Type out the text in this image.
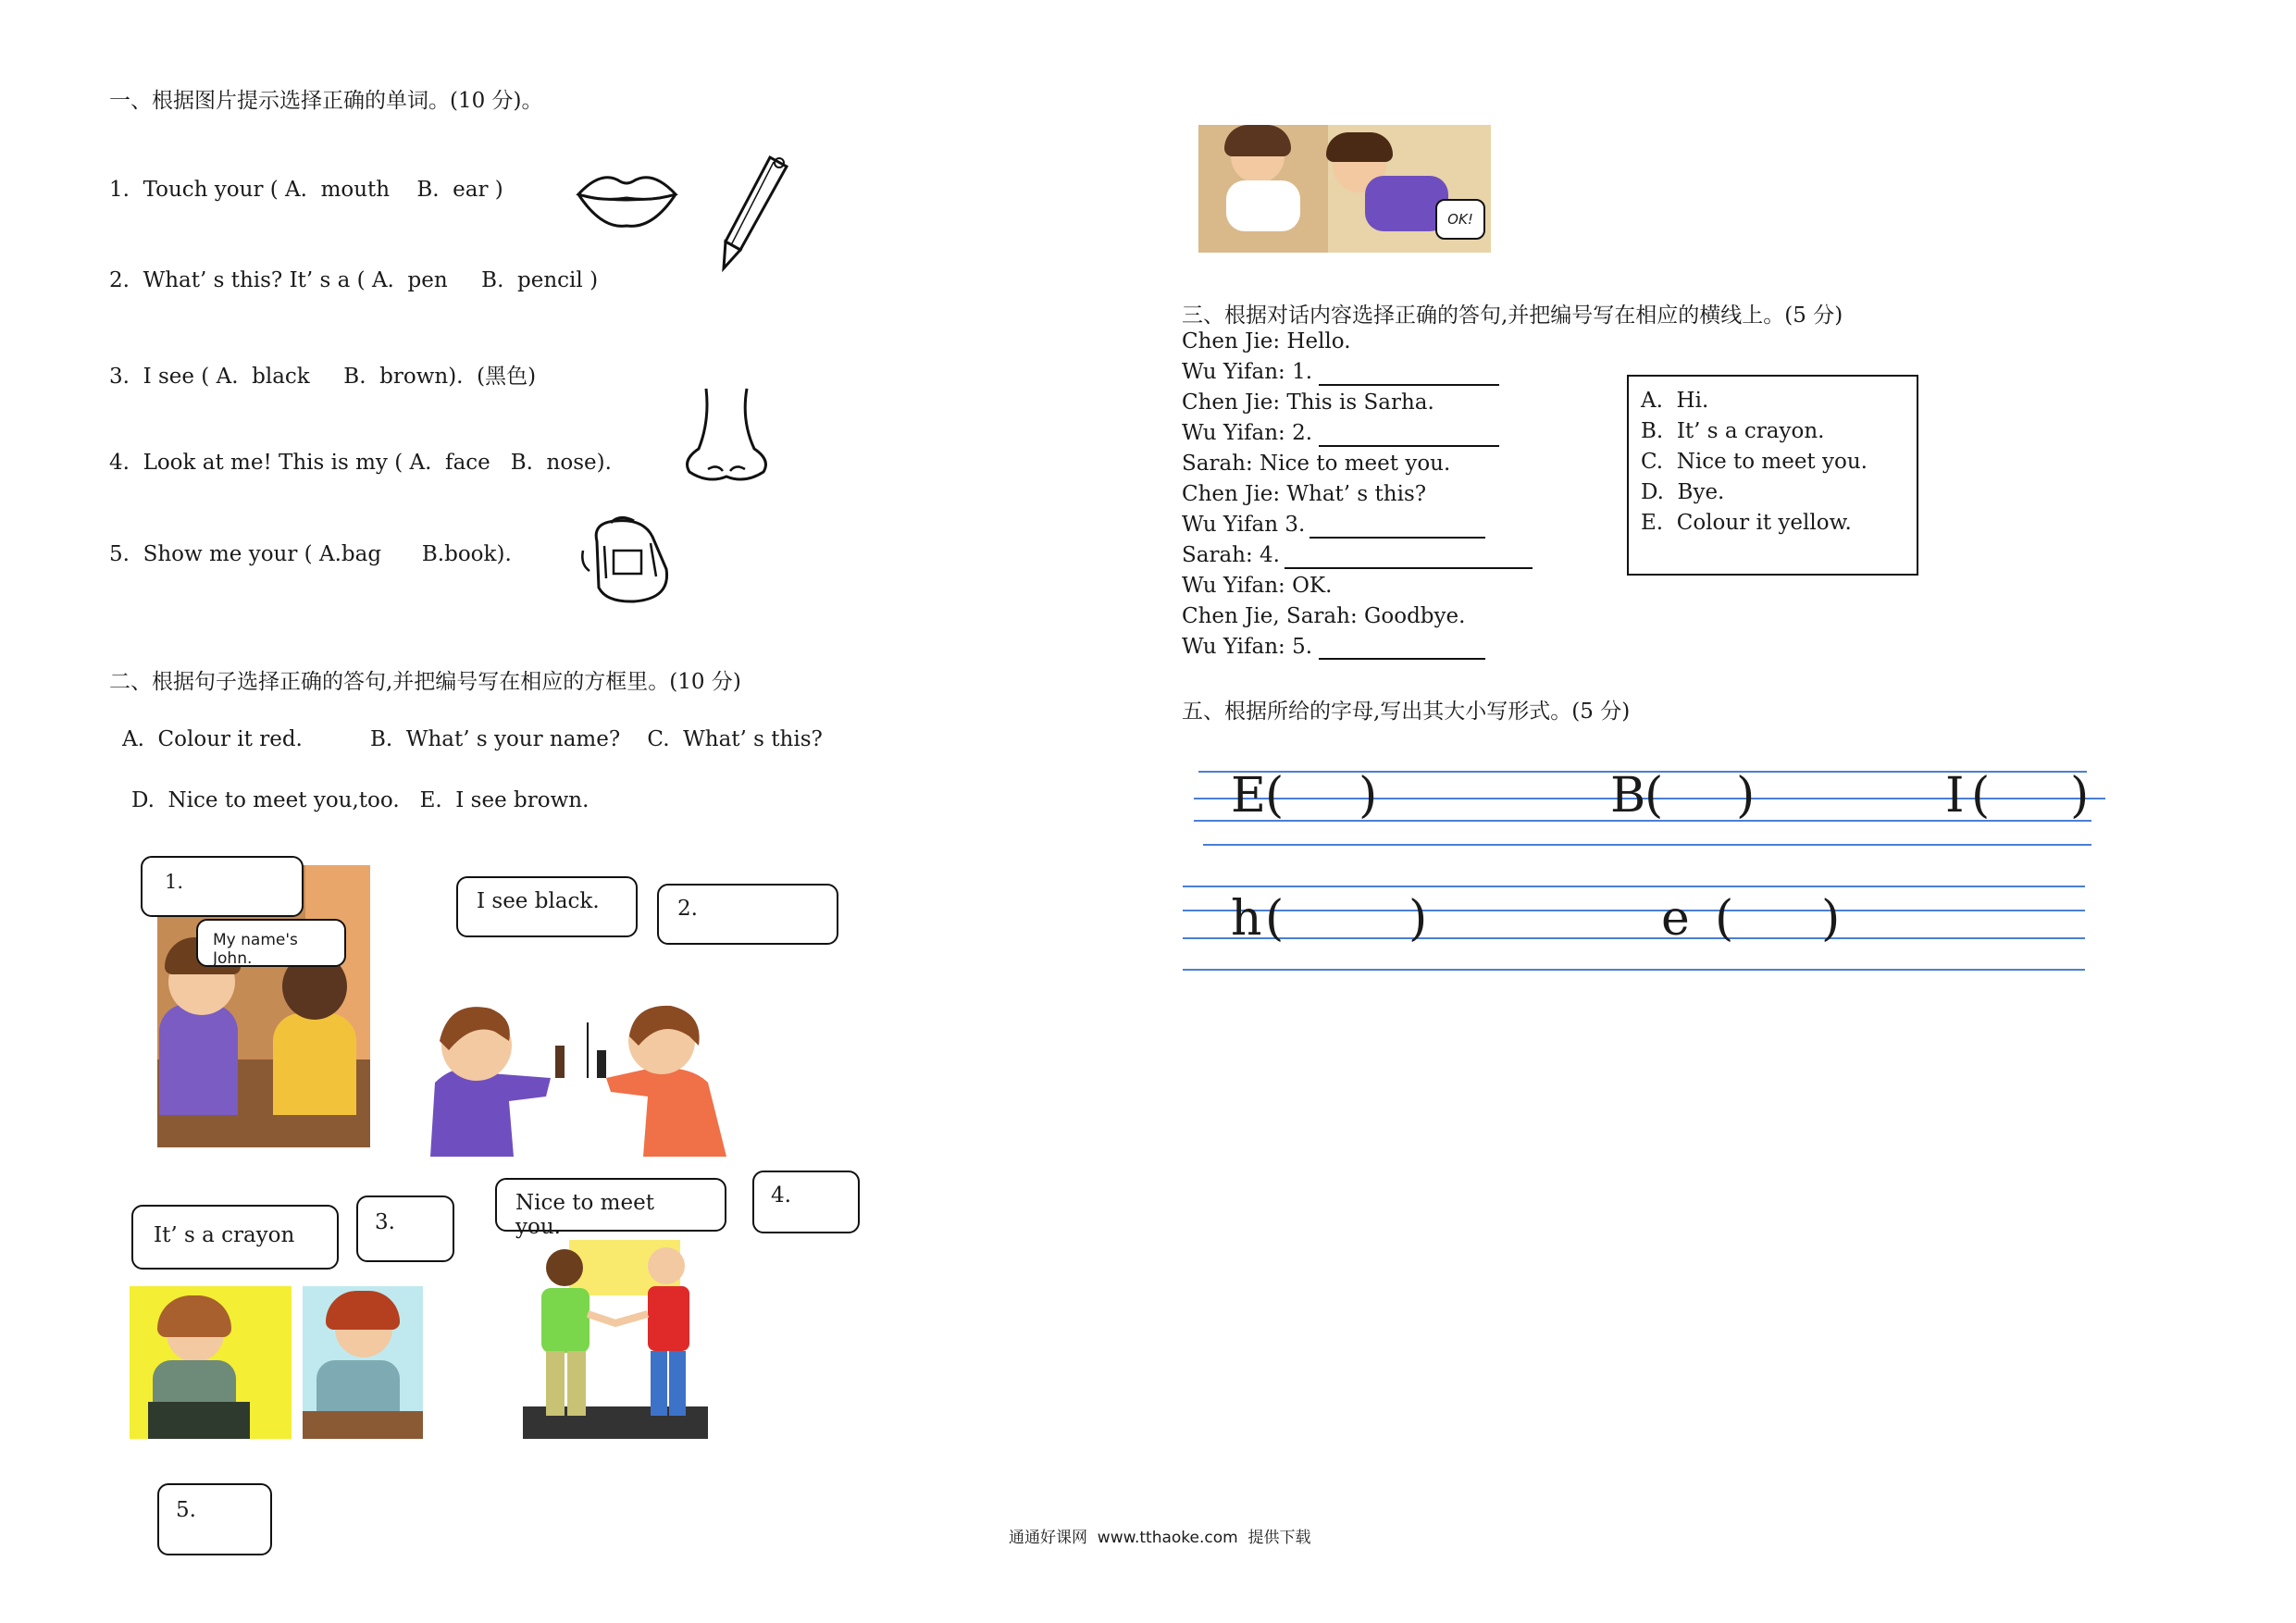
一、根据图片提示选择正确的单词。(10 分)。
1.  Touch your ( A.  mouth    B.  ear )
2.  What’ s this? It’ s a ( A.  pen     B.  pencil )
3.  I see ( A.  black     B.  brown).  (黑色)
4.  Look at me! This is my ( A.  face   B.  nose).
5.  Show me your ( A.bag      B.book).
二、根据句子选择正确的答句,并把编号写在相应的方框里。(10 分)
A.  Colour it red.          B.  What’ s your name?    C.  What’ s this?
D.  Nice to meet you,too.   E.  I see brown.
1.
My name's John.
I see black.	2.
It’ s a crayon
3.
Nice to meet you.
4.
5.
OK!
三、根据对话内容选择正确的答句,并把编号写在相应的横线上。(5 分)
Chen Jie: Hello.
Wu Yifan: 1.
Chen Jie: This is Sarha.
Wu Yifan: 2.
Sarah: Nice to meet you.
Chen Jie: What’ s this?
Wu Yifan 3.
Sarah: 4.
Wu Yifan: OK.
Chen Jie, Sarah: Goodbye.
Wu Yifan: 5.
A.  Hi.
B.  It’ s a crayon.
C.  Nice to meet you.
D.  Bye.
E.  Colour it yellow.
五、根据所给的字母,写出其大小写形式。(5 分)
E ( )	B
( )	I ( )
h (	)	e ( )
通通好课网  www.tthaoke.com  提供下载
